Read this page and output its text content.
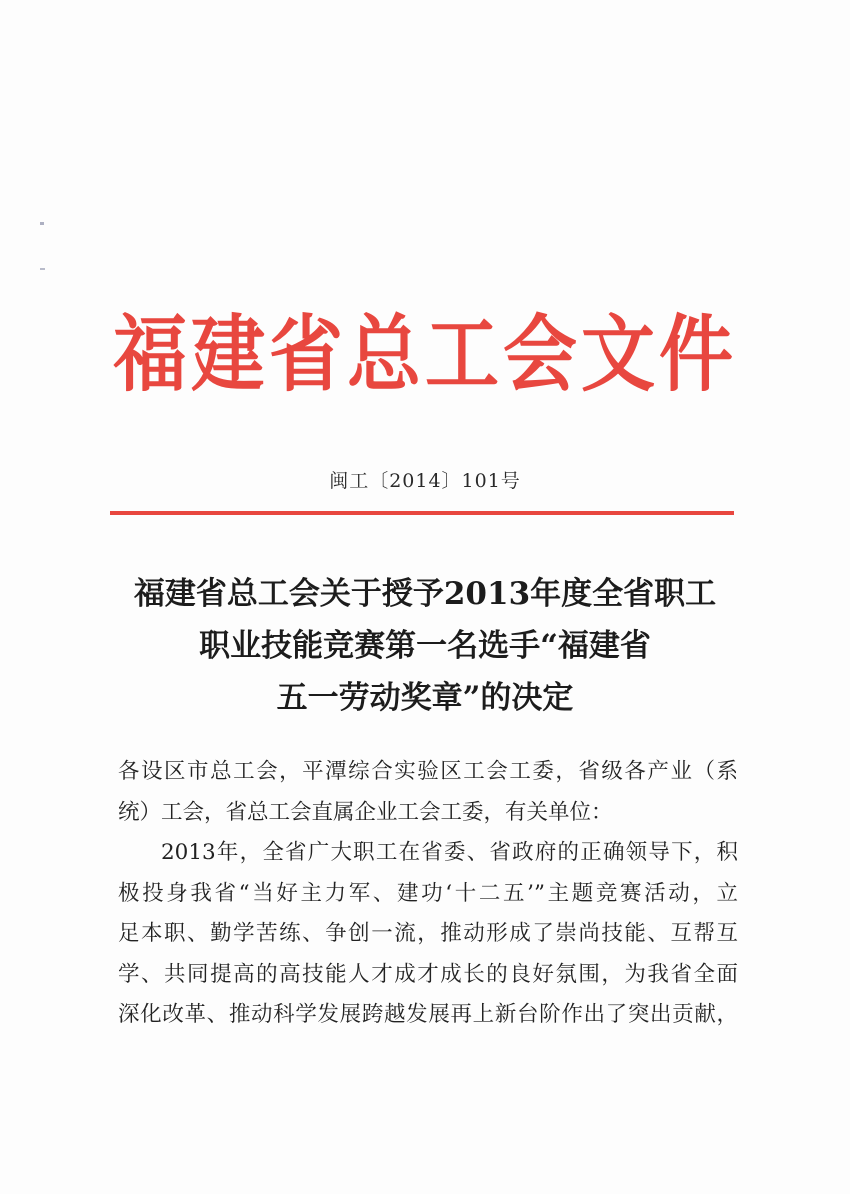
福建省总工会文件
闽工〔2014〕101号
福建省总工会关于授予2013年度全省职工
职业技能竞赛第一名选手“福建省
五一劳动奖章”的决定
各设区市总工会，平潭综合实验区工会工委，省级各产业（系
统）工会，省总工会直属企业工会工委，有关单位：
2013年，全省广大职工在省委、省政府的正确领导下，积
极投身我省“当好主力军、建功‘十二五’”主题竞赛活动，立
足本职、勤学苦练、争创一流，推动形成了崇尚技能、互帮互
学、共同提高的高技能人才成才成长的良好氛围，为我省全面
深化改革、推动科学发展跨越发展再上新台阶作出了突出贡献，
